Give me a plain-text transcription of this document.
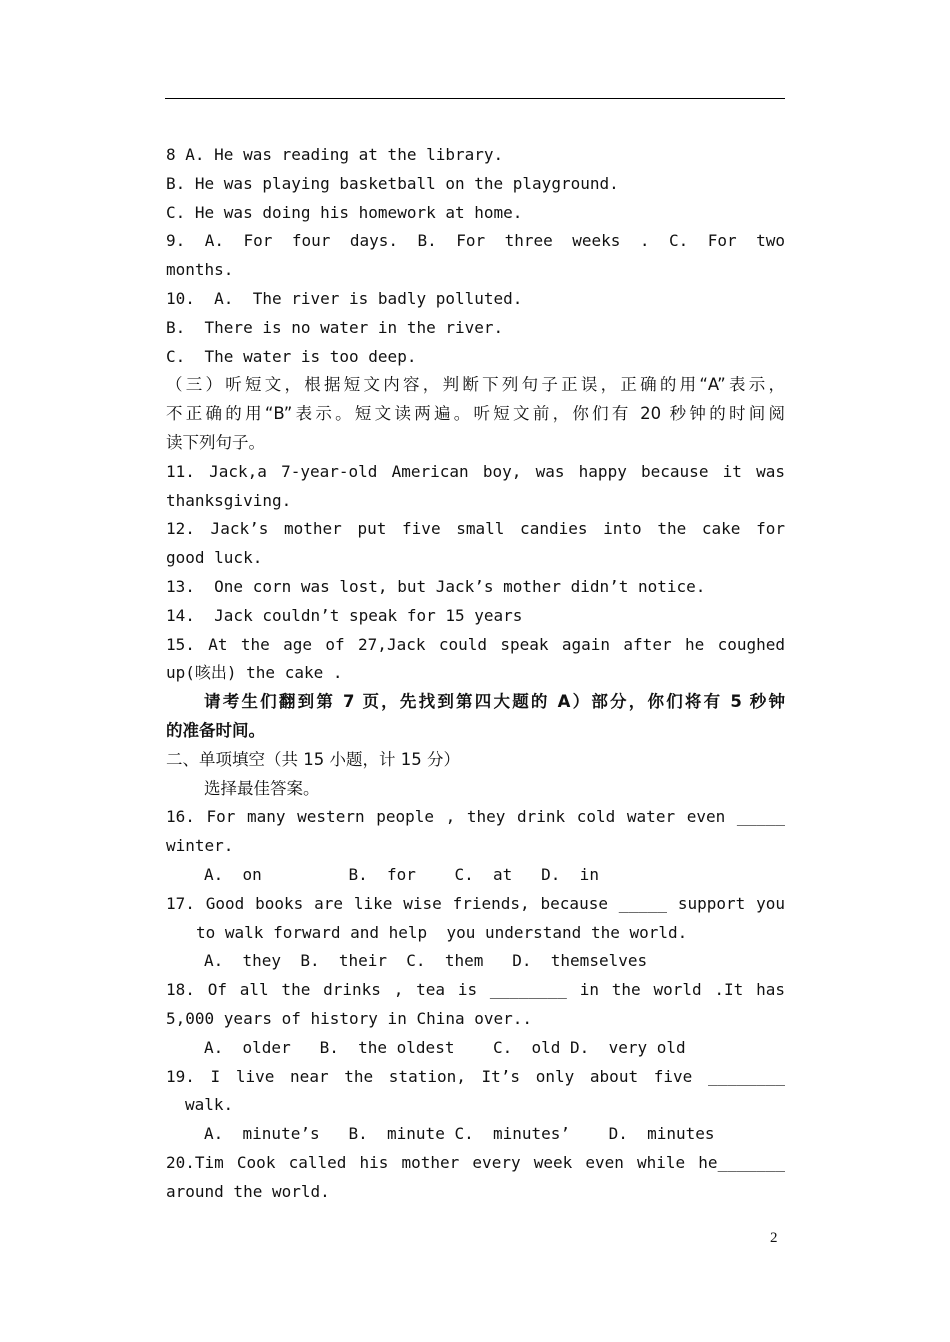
8 A. He was reading at the library.
B. He was playing basketball on the playground.
C. He was doing his homework at home.
9. A. For four days. B. For three weeks . C. For two
months.
10.  A.  The river is badly polluted.
B.  There is no water in the river.
C.  The water is too deep.
（三）听短文，根据短文内容，判断下列句子正误，正确的用“A”表示，
不正确的用“B”表示。短文读两遍。听短文前，你们有 20 秒钟的时间阅
读下列句子。
11. Jack,a 7-year-old American boy, was happy because it was
thanksgiving.
12. Jack’s mother put five small candies into the cake for
good luck.
13.  One corn was lost, but Jack’s mother didn’t notice.
14.  Jack couldn’t speak for 15 years
15. At the age of 27,Jack could speak again after he coughed
up(咳出) the cake .
请考生们翻到第 7 页，先找到第四大题的 A）部分，你们将有 5 秒钟
的准备时间。
二、单项填空（共 15 小题，计 15 分）
选择最佳答案。
16. For many western people , they drink cold water even _____
winter.
A.  on         B.  for    C.  at   D.  in
17. Good books are like wise friends, because _____ support you
to walk forward and help  you understand the world.
A.  they  B.  their  C.  them   D.  themselves
18. Of all the drinks , tea is ________ in the world .It has
5,000 years of history in China over..
A.  older   B.  the oldest    C.  old D.  very old
19. I live near the station, It’s only about five ________
walk.
A.  minute’s   B.  minute C.  minutes’    D.  minutes
20.Tim Cook called his mother every week even while he_______
around the world.
2
